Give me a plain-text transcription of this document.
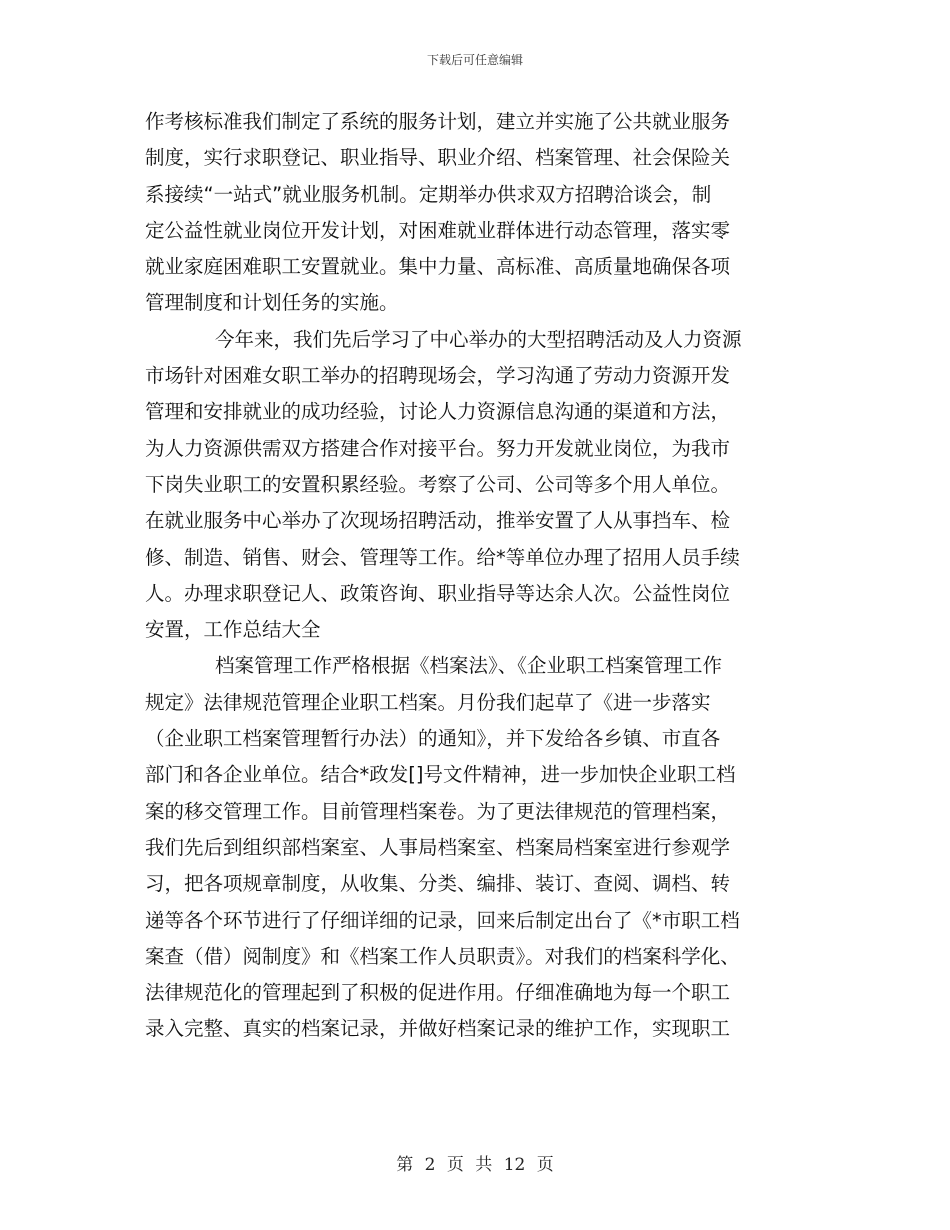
下载后可任意编辑
作考核标准我们制定了系统的服务计划，建立并实施了公共就业服务
制度，实行求职登记、职业指导、职业介绍、档案管理、社会保险关
系接续“一站式”就业服务机制。定期举办供求双方招聘洽谈会，制
定公益性就业岗位开发计划，对困难就业群体进行动态管理，落实零
就业家庭困难职工安置就业。集中力量、高标准、高质量地确保各项
管理制度和计划任务的实施。
今年来，我们先后学习了中心举办的大型招聘活动及人力资源
市场针对困难女职工举办的招聘现场会，学习沟通了劳动力资源开发
管理和安排就业的成功经验，讨论人力资源信息沟通的渠道和方法，
为人力资源供需双方搭建合作对接平台。努力开发就业岗位，为我市
下岗失业职工的安置积累经验。考察了公司、公司等多个用人单位。
在就业服务中心举办了次现场招聘活动，推举安置了人从事挡车、检
修、制造、销售、财会、管理等工作。给*等单位办理了招用人员手续
人。办理求职登记人、政策咨询、职业指导等达余人次。公益性岗位
安置，工作总结大全
档案管理工作严格根据《档案法》、《企业职工档案管理工作
规定》法律规范管理企业职工档案。月份我们起草了《进一步落实
（企业职工档案管理暂行办法）的通知》，并下发给各乡镇、市直各
部门和各企业单位。结合*政发[]号文件精神，进一步加快企业职工档
案的移交管理工作。目前管理档案卷。为了更法律规范的管理档案，
我们先后到组织部档案室、人事局档案室、档案局档案室进行参观学
习，把各项规章制度，从收集、分类、编排、装订、查阅、调档、转
递等各个环节进行了仔细详细的记录，回来后制定出台了《*市职工档
案查（借）阅制度》和《档案工作人员职责》。对我们的档案科学化、
法律规范化的管理起到了积极的促进作用。仔细准确地为每一个职工
录入完整、真实的档案记录，并做好档案记录的维护工作，实现职工
第 2 页 共 12 页
